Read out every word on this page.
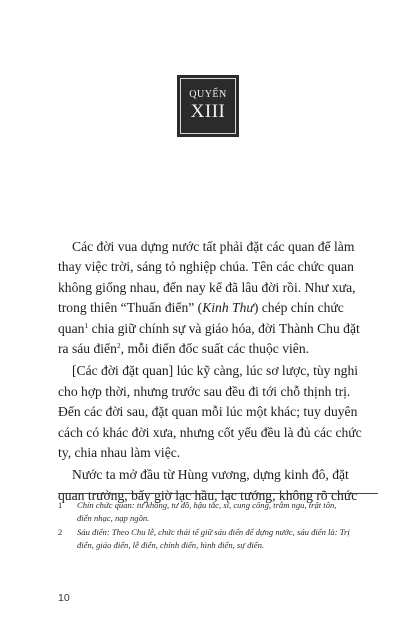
QUYỂN
XIII

Các đời vua dựng nước tất phải đặt các quan để làm
thay việc trời, sáng tỏ nghiệp chúa. Tên các chức quan
không giống nhau, đến nay kể đã lâu đời rồi. Như xưa,
trong thiên “Thuấn điển” (Kinh Thư) chép chín chức
quan$^1$ chia giữ chính sự và giáo hóa, đời Thành Chu đặt
ra sáu điển$^2$, mỗi điển đốc suất các thuộc viên.

[Các đời đặt quan] lúc kỹ càng, lúc sơ lược, tùy nghi
cho hợp thời, nhưng trước sau đều đi tới chỗ thịnh trị.
Đến các đời sau, đặt quan mỗi lúc một khác; tuy duyên
cách có khác đời xưa, nhưng cốt yếu đều là đủ các chức
ty, chia nhau làm việc.

Nước ta mở đầu từ Hùng vương, dựng kinh đô, đặt
quan trưởng, bấy giờ lạc hầu, lạc tướng, không rõ chức

1 Chín chức quan: tư không, tư đồ, hậu tắc, sĩ, cung công, trẫm ngu, trật tôn,
điển nhạc, nạp ngôn.
2 Sáu điển: Theo Chu lễ, chức thái tể giữ sáu điển để dựng nước, sáu điển là: Trị
điển, giáo điển, lễ điển, chính điển, hình điển, sự điển.
10
